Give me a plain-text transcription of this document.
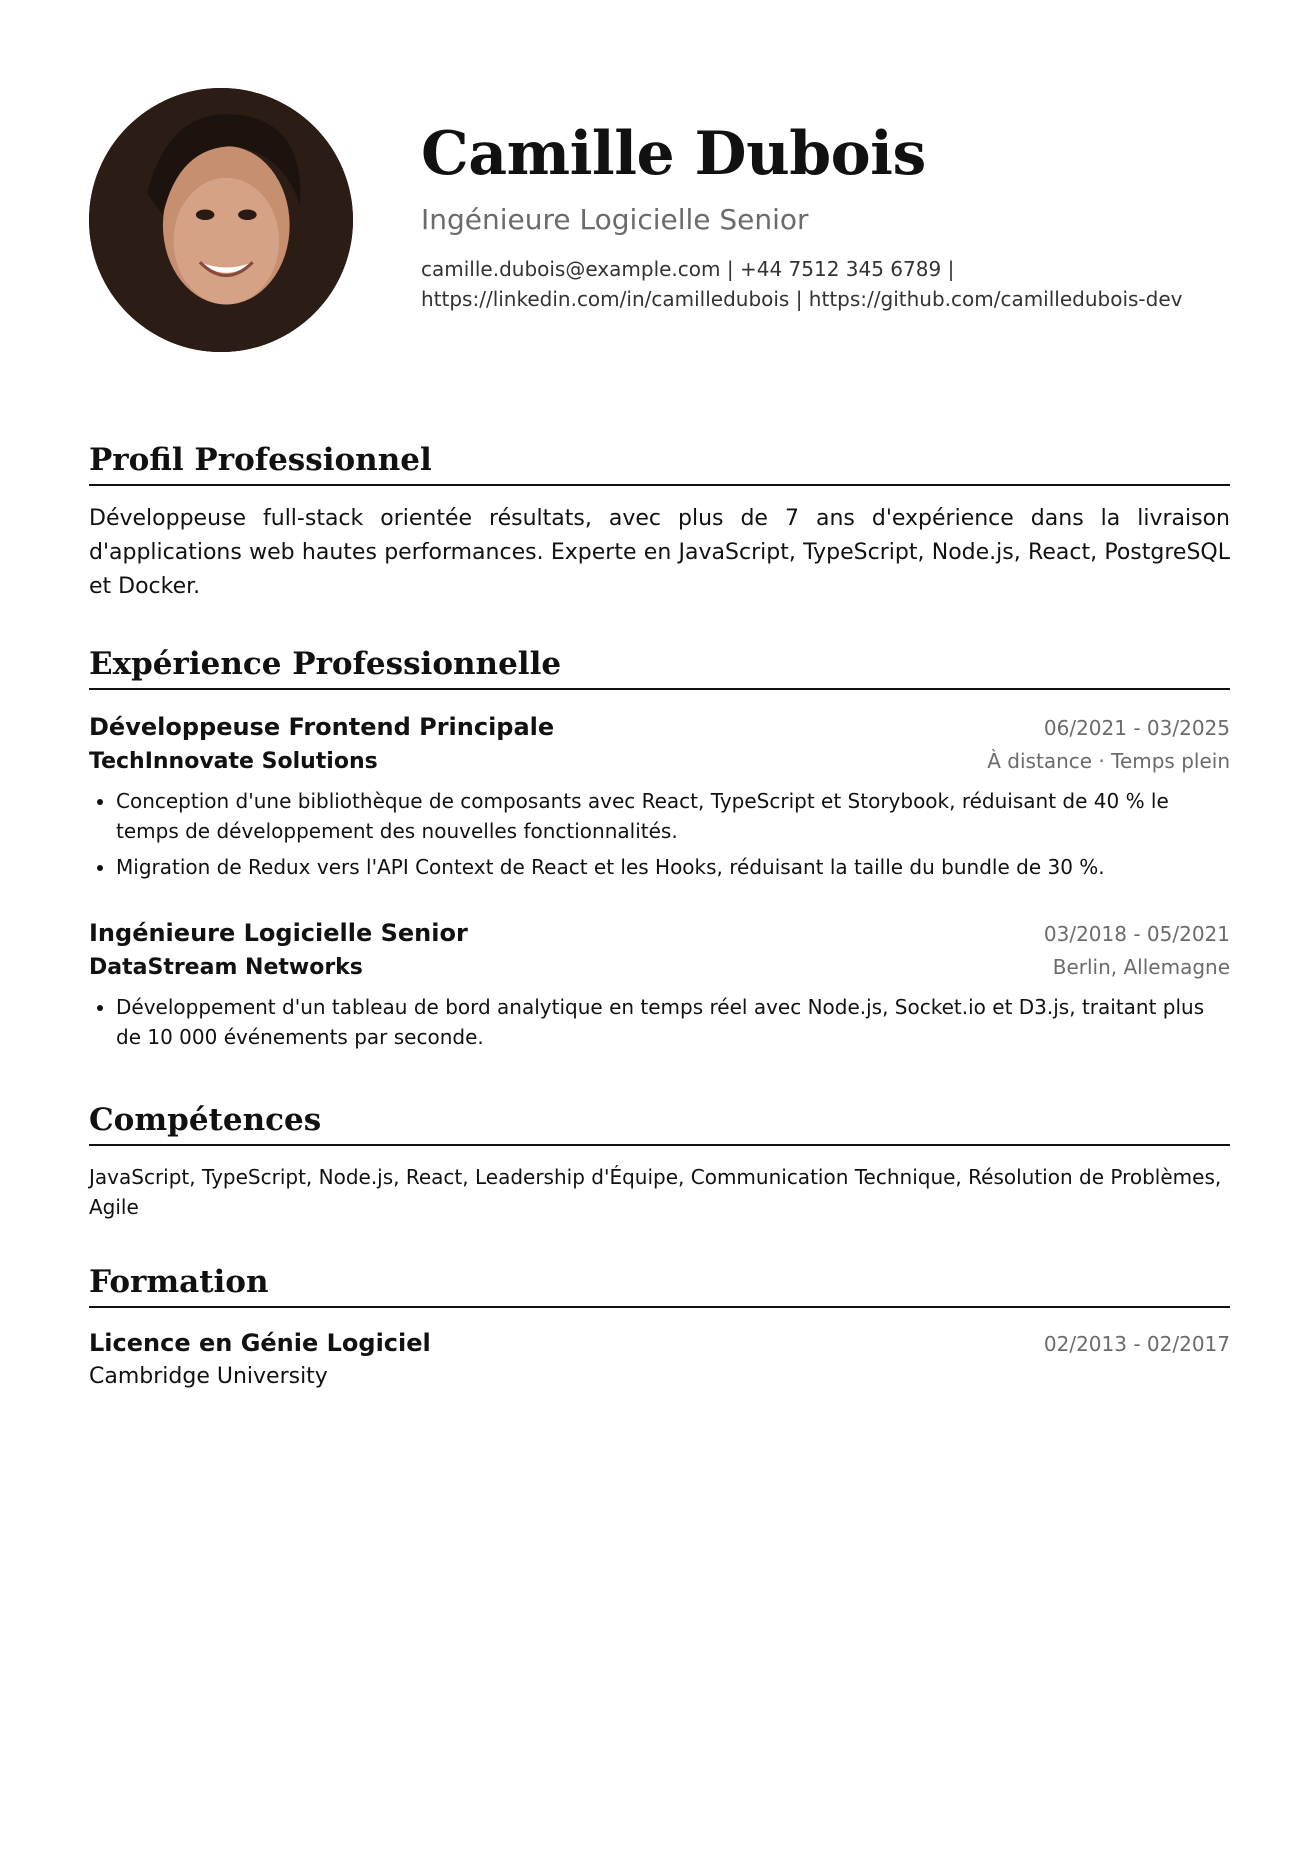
Camille Dubois
Ingénieure Logicielle Senior
camille.dubois@example.com | +44 7512 345 6789 |
https://linkedin.com/in/camilledubois | https://github.com/camilledubois-dev
Profil Professionnel
Développeuse full-stack orientée résultats, avec plus de 7 ans d'expérience dans la livraison d'applications web hautes performances. Experte en JavaScript, TypeScript, Node.js, React, PostgreSQL et Docker.
Expérience Professionnelle
Développeuse Frontend Principale	06/2021 - 03/2025
TechInnovate Solutions	À distance · Temps plein
• Conception d'une bibliothèque de composants avec React, TypeScript et Storybook, réduisant de 40 % le temps de développement des nouvelles fonctionnalités.
• Migration de Redux vers l'API Context de React et les Hooks, réduisant la taille du bundle de 30 %.
Ingénieure Logicielle Senior	03/2018 - 05/2021
DataStream Networks	Berlin, Allemagne
• Développement d'un tableau de bord analytique en temps réel avec Node.js, Socket.io et D3.js, traitant plus de 10 000 événements par seconde.
Compétences
JavaScript, TypeScript, Node.js, React, Leadership d'Équipe, Communication Technique, Résolution de Problèmes, Agile
Formation
Licence en Génie Logiciel	02/2013 - 02/2017
Cambridge University
